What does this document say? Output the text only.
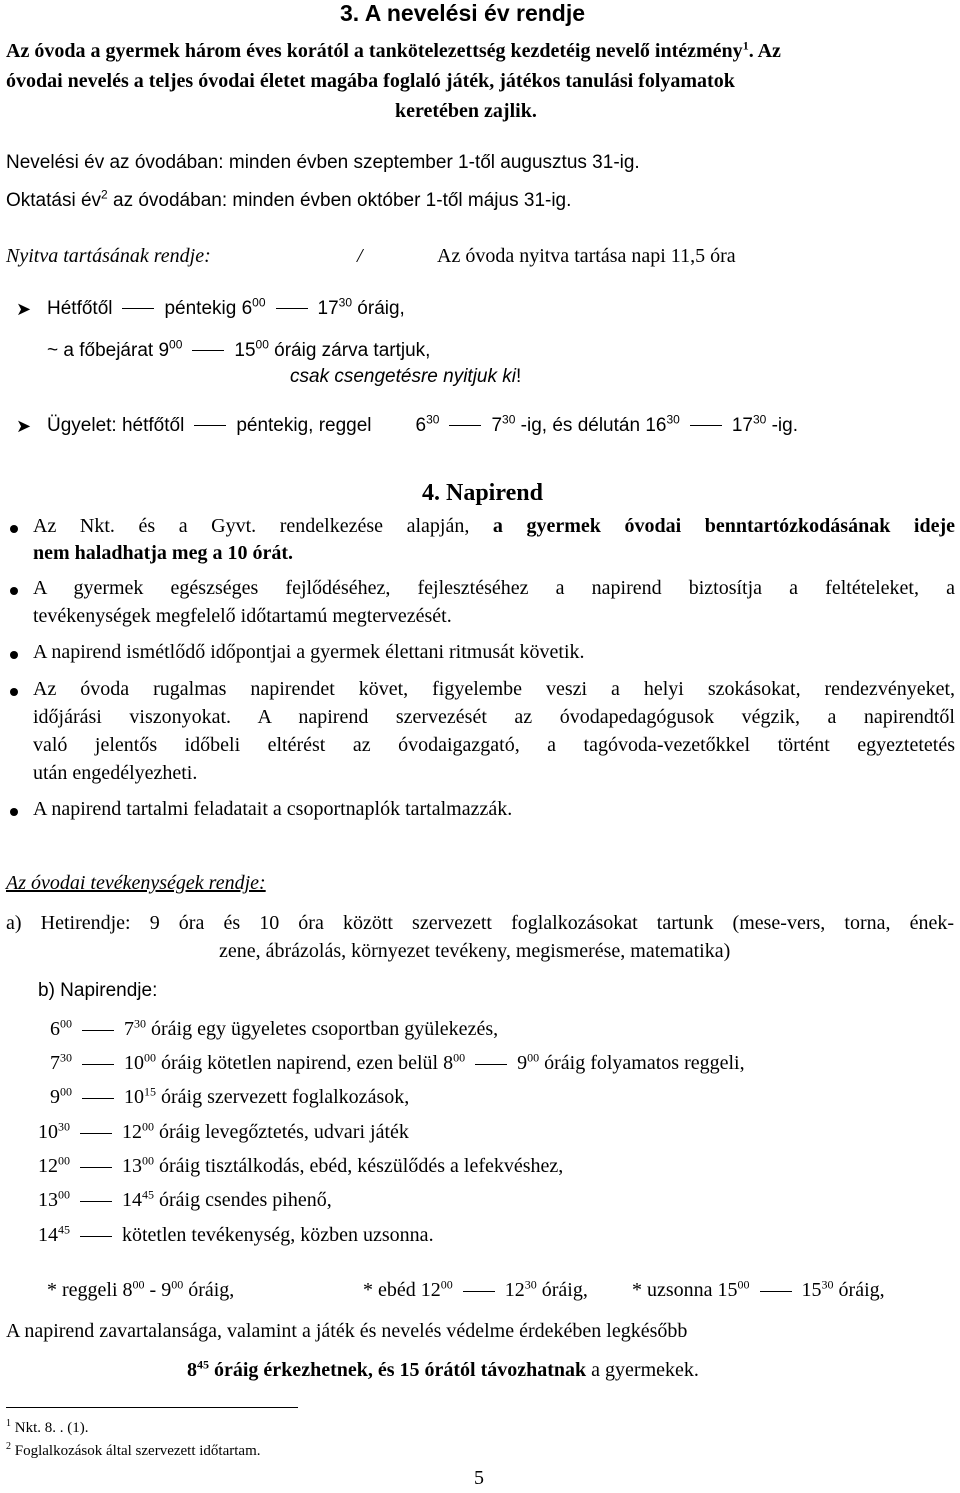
3. A nevelési év rendje
Az óvoda a gyermek három éves korától a tankötelezettség kezdetéig nevelő intézmény$^1$. Az
óvodai nevelés a teljes óvodai életet magába foglaló játék, játékos tanulási folyamatok
keretében zajlik.
Nevelési év az óvodában: minden évben szeptember 1-től augusztus 31-ig.
Oktatási $év^2$ az óvodában: minden évben október 1-től május 31-ig.
Nyitva tartásának rendje:	/	Az óvoda nyitva tartása napi 11,5 óra
➤ Hétfőtől	péntekig $6^{00}$	$17^{30}$ óráig,
~ a főbejárat $9^{00}$	$15^{00}$ óráig zárva tartjuk,
csak csengetésre nyitjuk ki!
➤ Ügyelet: hétfőtől	péntekig, reggel $6^{30}$	$7^{30}$ -ig, és délután $16^{30}$	$17^{30}$ -ig.
4. Napirend
Az Nkt. és a Gyvt. rendelkezése alapján, a gyermek óvodai benntartózkodásának ideje
nem haladhatja meg a 10 órát.
A gyermek egészséges fejlődéséhez, fejlesztéséhez a napirend biztosítja a feltételeket, a
tevékenységek megfelelő időtartamú megtervezését.
A napirend ismétlődő időpontjai a gyermek élettani ritmusát követik.
Az óvoda rugalmas napirendet követ, figyelembe veszi a helyi szokásokat, rendezvényeket,
időjárási viszonyokat. A napirend szervezését az óvodapedagógusok végzik, a napirendtől
való jelentős időbeli eltérést az óvodaigazgató, a tagóvoda-vezetőkkel történt egyeztetetés
után engedélyezheti.
A napirend tartalmi feladatait a csoportnaplók tartalmazzák.
Az óvodai tevékenységek rendje:
a) Hetirendje: 9 óra és 10 óra között szervezett foglalkozásokat tartunk (mese-vers, torna, ének-
zene, ábrázolás, környezet tevékeny, megismerése, matematika)
b) Napirendje:
$6^{00}$	$7^{30}$ óráig egy ügyeletes csoportban gyülekezés,
$7^{30}$	$10^{00}$ óráig kötetlen napirend, ezen belül $8^{00}$	$9^{00}$ óráig folyamatos reggeli,
$9^{00}$	$10^{15}$ óráig szervezett foglalkozások,
$10^{30}$	$12^{00}$ óráig levegőztetés, udvari játék
$12^{00}$	$13^{00}$ óráig tisztálkodás, ebéd, készülődés a lefekvéshez,
$13^{00}$	$14^{45}$ óráig csendes pihenő,
$14^{45}$	kötetlen tevékenység, közben uzsonna.
* reggeli $8^{00} - 9^{00}$ óráig,	* ebéd $12^{00}$	$12^{30}$ óráig, * uzsonna $15^{00}$	$15^{30}$ óráig,
A napirend zavartalansága, valamint a játék és nevelés védelme érdekében legkésőbb
$8^{45}$ óráig érkezhetnek, és 15 órától távozhatnak a gyermekek.
$^1$ Nkt. 8. . (1).
$^2$ Foglalkozások által szervezett időtartam.
5
